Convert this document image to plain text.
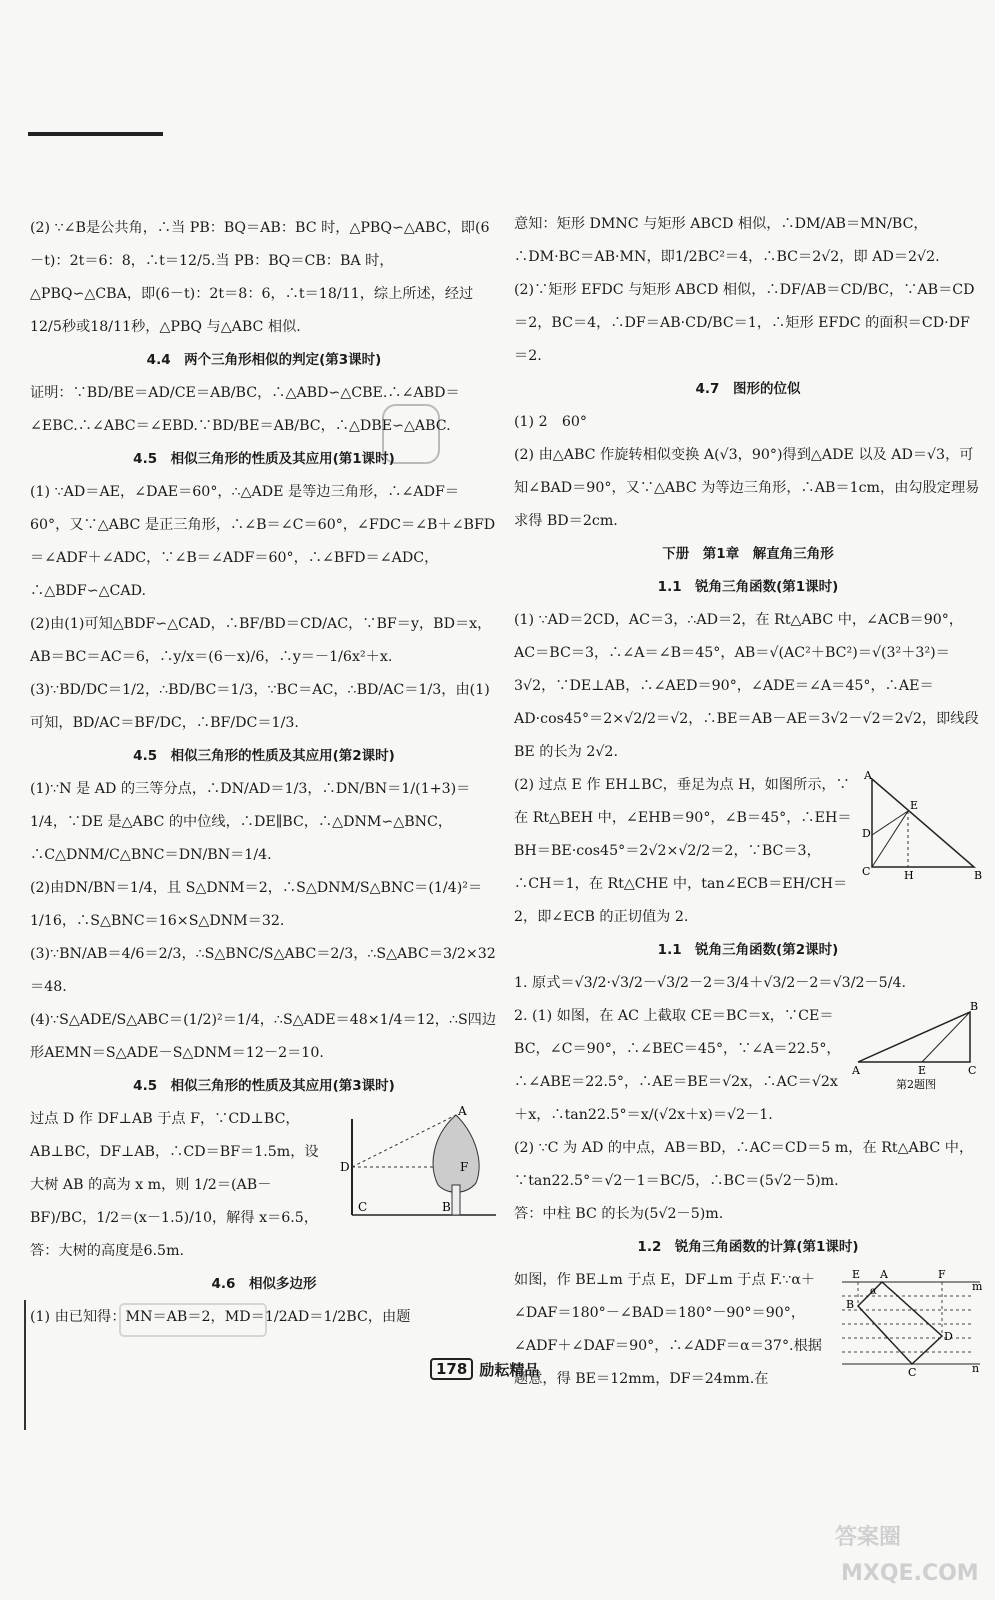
(2) ∵∠B是公共角，∴当 PB：BQ＝AB：BC 时，△PBQ∽△ABC，即(6－t)：2t＝6：8，∴t＝12/5.当 PB：BQ＝CB：BA 时，△PBQ∽△CBA，即(6－t)：2t＝8：6，∴t＝18/11，综上所述，经过12/5秒或18/11秒，△PBQ 与△ABC 相似.

4.4　两个三角形相似的判定(第3课时)

证明：∵BD/BE＝AD/CE＝AB/BC，∴△ABD∽△CBE.∴∠ABD＝∠EBC.∴∠ABC＝∠EBD.∵BD/BE＝AB/BC，∴△DBE∽△ABC.

4.5　相似三角形的性质及其应用(第1课时)

(1) ∵AD＝AE，∠DAE＝60°，∴△ADE 是等边三角形，∴∠ADF＝60°，又∵△ABC 是正三角形，∴∠B＝∠C＝60°，∠FDC＝∠B＋∠BFD＝∠ADF＋∠ADC，∵∠B＝∠ADF＝60°，∴∠BFD＝∠ADC，∴△BDF∽△CAD.

(2)由(1)可知△BDF∽△CAD，∴BF/BD＝CD/AC，∵BF＝y，BD＝x，AB＝BC＝AC＝6，∴y/x＝(6－x)/6，∴y＝－1/6x²＋x.

(3)∵BD/DC＝1/2，∴BD/BC＝1/3，∵BC＝AC，∴BD/AC＝1/3，由(1)可知，BD/AC＝BF/DC，∴BF/DC＝1/3.

4.5　相似三角形的性质及其应用(第2课时)

(1)∵N 是 AD 的三等分点，∴DN/AD＝1/3，∴DN/BN＝1/(1+3)＝1/4，∵DE 是△ABC 的中位线，∴DE∥BC，∴△DNM∽△BNC，∴C△DNM/C△BNC＝DN/BN＝1/4.

(2)由DN/BN＝1/4，且 S△DNM＝2，∴S△DNM/S△BNC＝(1/4)²＝1/16，∴S△BNC＝16×S△DNM＝32.

(3)∵BN/AB＝4/6＝2/3，∴S△BNC/S△ABC＝2/3，∴S△ABC＝3/2×32＝48.

(4)∵S△ADE/S△ABC＝(1/2)²＝1/4，∴S△ADE＝48×1/4＝12，∴S四边形AEMN＝S△ADE－S△DNM＝12－2＝10.

4.5　相似三角形的性质及其应用(第3课时)

A
D	F
C	B

过点 D 作 DF⊥AB 于点 F，∵CD⊥BC，AB⊥BC，DF⊥AB，∴CD＝BF＝1.5m，设大树 AB 的高为 x m，则 1/2＝(AB－BF)/BC，1/2＝(x－1.5)/10，解得 x＝6.5，答：大树的高度是6.5m.

4.6　相似多边形

(1) 由已知得：MN＝AB＝2，MD＝1/2AD＝1/2BC，由题

意知：矩形 DMNC 与矩形 ABCD 相似，∴DM/AB＝MN/BC，∴DM·BC＝AB·MN，即1/2BC²＝4，∴BC＝2√2，即 AD＝2√2.

(2)∵矩形 EFDC 与矩形 ABCD 相似，∴DF/AB＝CD/BC，∵AB＝CD＝2，BC＝4，∴DF＝AB·CD/BC＝1，∴矩形 EFDC 的面积＝CD·DF＝2.

4.7　图形的位似

(1) 2　60°

(2) 由△ABC 作旋转相似变换 A(√3，90°)得到△ADE 以及 AD＝√3，可知∠BAD＝90°，又∵△ABC 为等边三角形，∴AB＝1cm，由勾股定理易求得 BD＝2cm.

下册　第1章　解直角三角形

1.1　锐角三角函数(第1课时)

(1) ∵AD＝2CD，AC＝3，∴AD＝2，在 Rt△ABC 中，∠ACB＝90°，AC＝BC＝3，∴∠A＝∠B＝45°，AB＝√(AC²＋BC²)＝√(3²＋3²)＝3√2，∵DE⊥AB，∴∠AED＝90°，∠ADE＝∠A＝45°，∴AE＝AD·cos45°＝2×√2/2＝√2，∴BE＝AB－AE＝3√2－√2＝2√2，即线段 BE 的长为 2√2.

A
E
D
C	H	B

(2) 过点 E 作 EH⊥BC，垂足为点 H，如图所示，∵在 Rt△BEH 中，∠EHB＝90°，∠B＝45°，∴EH＝BH＝BE·cos45°＝2√2×√2/2＝2，∵BC＝3，∴CH＝1，在 Rt△CHE 中，tan∠ECB＝EH/CH＝2，即∠ECB 的正切值为 2.

1.1　锐角三角函数(第2课时)

1. 原式＝√3/2·√3/2－√3/2－2＝3/4＋√3/2－2＝√3/2－5/4.

B
A	E	C
第2题图

2. (1) 如图，在 AC 上截取 CE＝BC＝x，∵CE＝BC，∠C＝90°，∴∠BEC＝45°，∵∠A＝22.5°，∴∠ABE＝22.5°，∴AE＝BE＝√2x，∴AC＝√2x＋x，∴tan22.5°＝x/(√2x＋x)＝√2－1.

(2) ∵C 为 AD 的中点，AB＝BD，∴AC＝CD＝5 m，在 Rt△ABC 中，∵tan22.5°＝√2－1＝BC/5，∴BC＝(5√2－5)m.

答：中柱 BC 的长为(5√2－5)m.

1.2　锐角三角函数的计算(第1课时)

E A	F
m
α
B
D
C	n

如图，作 BE⊥m 于点 E，DF⊥m 于点 F.∵α＋∠DAF＝180°－∠BAD＝180°－90°＝90°，∠ADF＋∠DAF＝90°，∴∠ADF＝α＝37°.根据题意，得 BE＝12mm，DF＝24mm.在

178 励耘精品
答案圈
MXQE.COM
